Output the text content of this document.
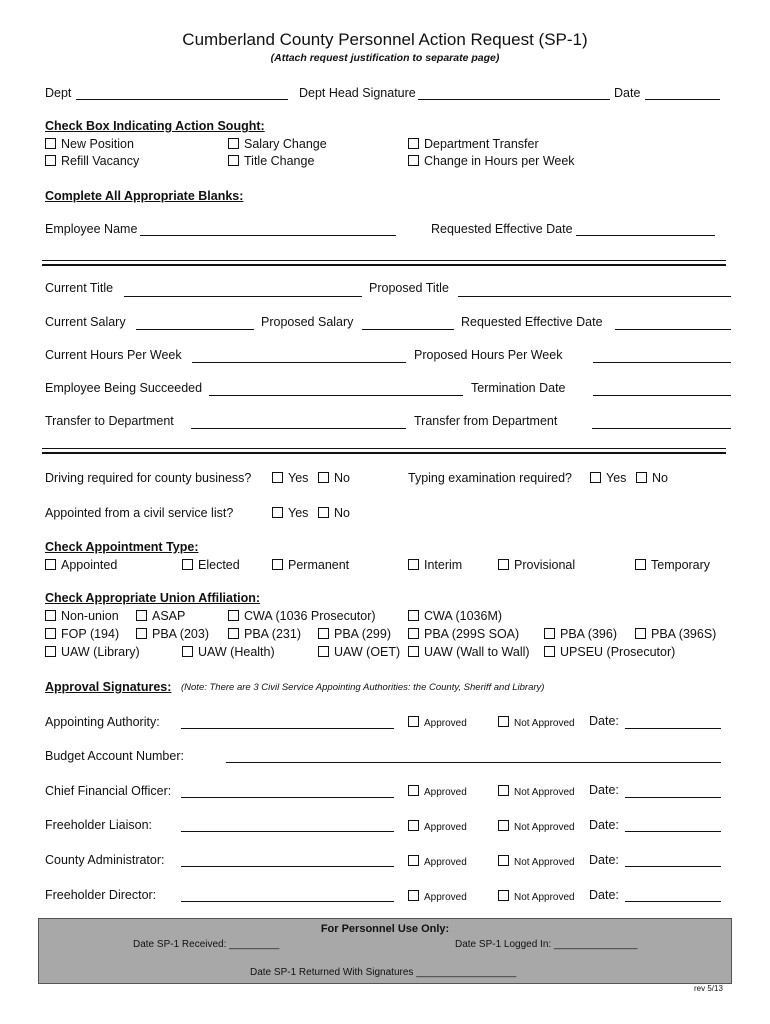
Cumberland County Personnel Action Request (SP-1)
(Attach request justification to separate page)
Dept	Dept Head Signature	Date
Check Box Indicating Action Sought:
New Position	Salary Change	Department Transfer
Refill Vacancy	Title Change	Change in Hours per Week
Complete All Appropriate Blanks:
Employee Name	Requested Effective Date
Current Title	Proposed Title
Current Salary	Proposed Salary	Requested Effective Date
Current Hours Per Week	Proposed Hours Per Week
Employee Being Succeeded	Termination Date
Transfer to Department	Transfer from Department
Driving required for county business?	Yes	No	Typing examination required?	Yes	No
Appointed from a civil service list?	Yes	No
Check Appointment Type:
Appointed	Elected	Permanent	Interim	Provisional	Temporary
Check Appropriate Union Affiliation:
Non-union	ASAP	CWA (1036 Prosecutor)	CWA (1036M)
FOP (194)	PBA (203)	PBA (231)	PBA (299)	PBA (299S SOA)	PBA (396)	PBA (396S)
UAW (Library)	UAW (Health)	UAW (OET)	UAW (Wall to Wall)	UPSEU (Prosecutor)
Approval Signatures: (Note: There are 3 Civil Service Appointing Authorities: the County, Sheriff and Library)
Appointing Authority:	Approved	Not Approved Date:
Budget Account Number:
Chief Financial Officer:	Approved	Not Approved Date:
Freeholder Liaison:	Approved	Not Approved Date:
County Administrator:	Approved	Not Approved Date:
Freeholder Director:	Approved	Not Approved Date:
For Personnel Use Only:
Date SP-1 Received: _________	Date SP-1 Logged In: _______________
Date SP-1 Returned With Signatures __________________
rev 5/13
